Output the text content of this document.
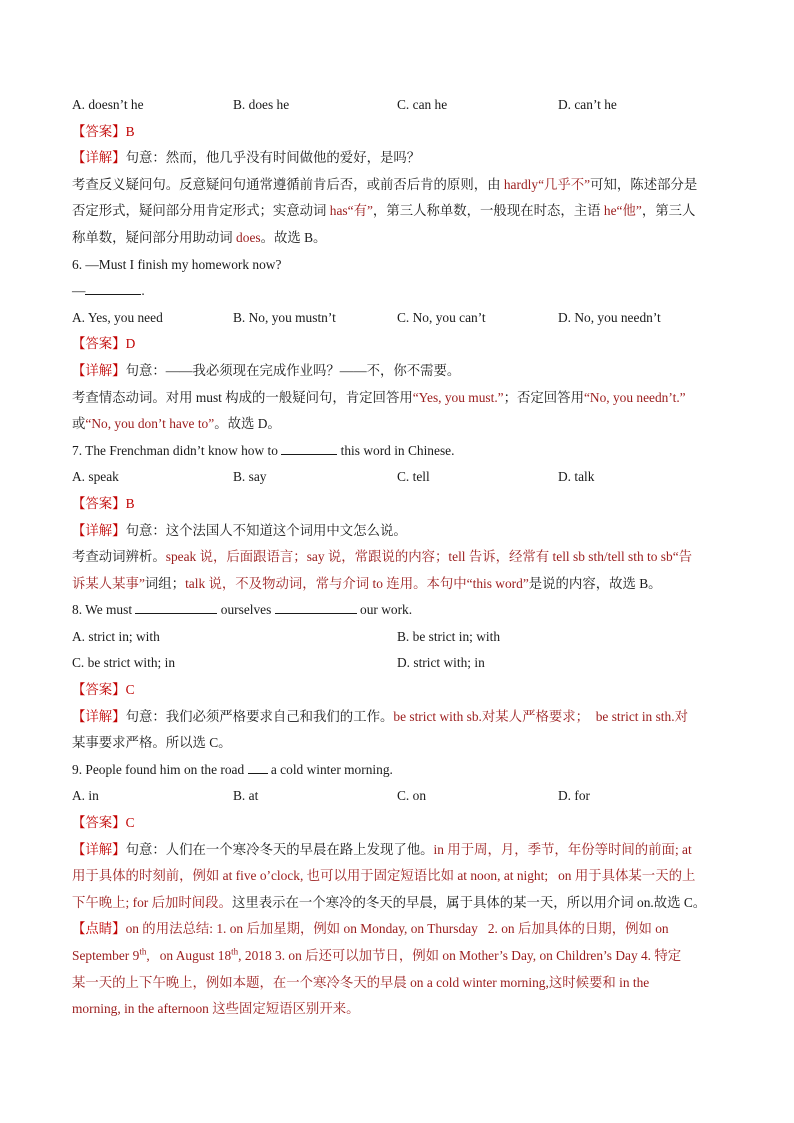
A. doesn’t he	B. does he	C. can he	D. can’t he
【答案】B
【详解】句意：然而，他几乎没有时间做他的爱好，是吗？
考查反义疑问句。反意疑问句通常遵循前肯后否，或前否后肯的原则，由 hardly“几乎不”可知，陈述部分是
否定形式，疑问部分用肯定形式；实意动词 has“有”，第三人称单数，一般现在时态，主语 he“他”，第三人
称单数，疑问部分用助动词 does。故选 B。
6. —Must I finish my homework now?
—	.
A. Yes, you need	B. No, you mustn’t	C. No, you can’t	D. No, you needn’t
【答案】D
【详解】句意：——我必须现在完成作业吗？——不，你不需要。
考查情态动词。对用 must 构成的一般疑问句，肯定回答用“Yes, you must.”；否定回答用“No, you needn’t.”
或“No, you don’t have to”。故选 D。
7. The Frenchman didn’t know how to	this word in Chinese.
A. speak	B. say	C. tell	D. talk
【答案】B
【详解】句意：这个法国人不知道这个词用中文怎么说。
考查动词辨析。speak 说，后面跟语言；say 说，常跟说的内容；tell 告诉，经常有 tell sb sth/tell sth to sb“告
诉某人某事”词组；talk 说，不及物动词，常与介词 to 连用。本句中“this word”是说的内容，故选 B。
8. We must	ourselves	our work.
A. strict in; with	B. be strict in; with
C. be strict with; in	D. strict with; in
【答案】C
【详解】句意：我们必须严格要求自己和我们的工作。be strict with sb.对某人严格要求；  be strict in sth.对
某事要求严格。所以选 C。
9. People found him on the road  a cold winter morning.
A. in	B. at	C. on	D. for
【答案】C
【详解】句意：人们在一个寒冷冬天的早晨在路上发现了他。in 用于周，月，季节，年份等时间的前面; at
用于具体的时刻前，例如 at five o’clock, 也可以用于固定短语比如 at noon, at night;   on 用于具体某一天的上
下午晚上; for 后加时间段。这里表示在一个寒冷的冬天的早晨，属于具体的某一天，所以用介词 on.故选 C。
【点睛】on 的用法总结: 1. on 后加星期，例如 on Monday, on Thursday   2. on 后加具体的日期，例如 on
September 9th,   on August 18th, 2018 3. on 后还可以加节日，例如 on Mother’s Day, on Children’s Day 4. 特定
某一天的上下午晚上，例如本题，在一个寒冷冬天的早晨 on a cold winter morning,这时候要和 in the
morning, in the afternoon 这些固定短语区别开来。
